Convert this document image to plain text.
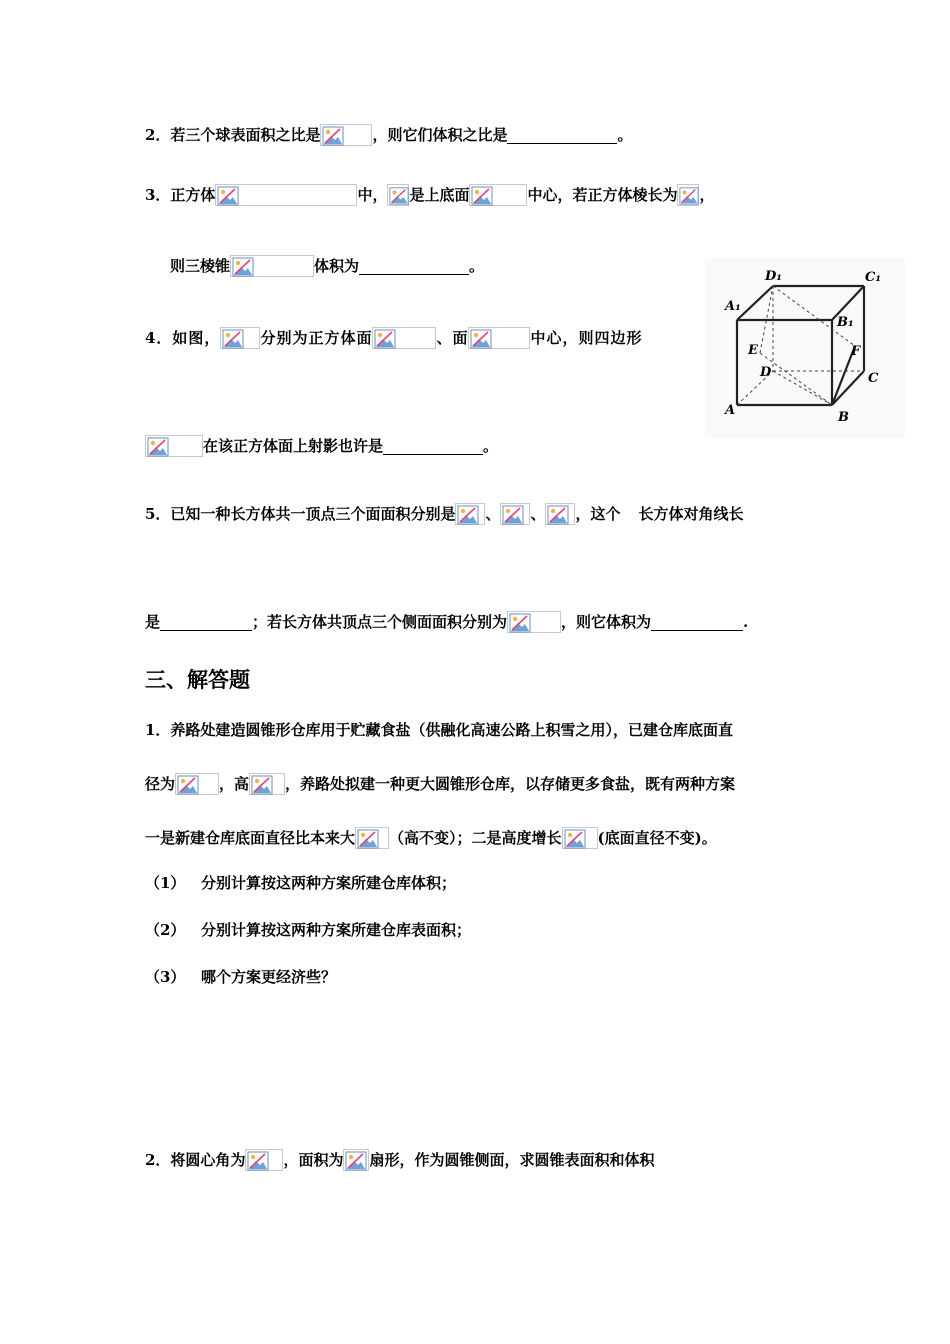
2．若三个球表面积之比是	，则它们体积之比是	。
3．正方体	中， 是上底面	中心，若正方体棱长为 ，
则三棱锥	体积为	。
D₁	C₁
A₁
B₁
E	F
D	C
A	B
4．如图，	分别为正方体面	、面	中心，则四边形
在该正方体面上射影也许是	。
5．已知一种长方体共一顶点三个面面积分别是 、 、 ，这个 长方体对角线长
是	；若长方体共顶点三个侧面面积分别为	，则它体积为	.
三、解答题
1．养路处建造圆锥形仓库用于贮藏食盐（供融化高速公路上积雪之用），已建仓库底面直
径为	，高 ，养路处拟建一种更大圆锥形仓库，以存储更多食盐，既有两种方案
一是新建仓库底面直径比本来大 （高不变）；二是高度增长 (底面直径不变)。
（1）	分别计算按这两种方案所建仓库体积；
（2）	分别计算按这两种方案所建仓库表面积；
（3）	哪个方案更经济些？
2．将圆心角为	，面积为 扇形，作为圆锥侧面，求圆锥表面积和体积
